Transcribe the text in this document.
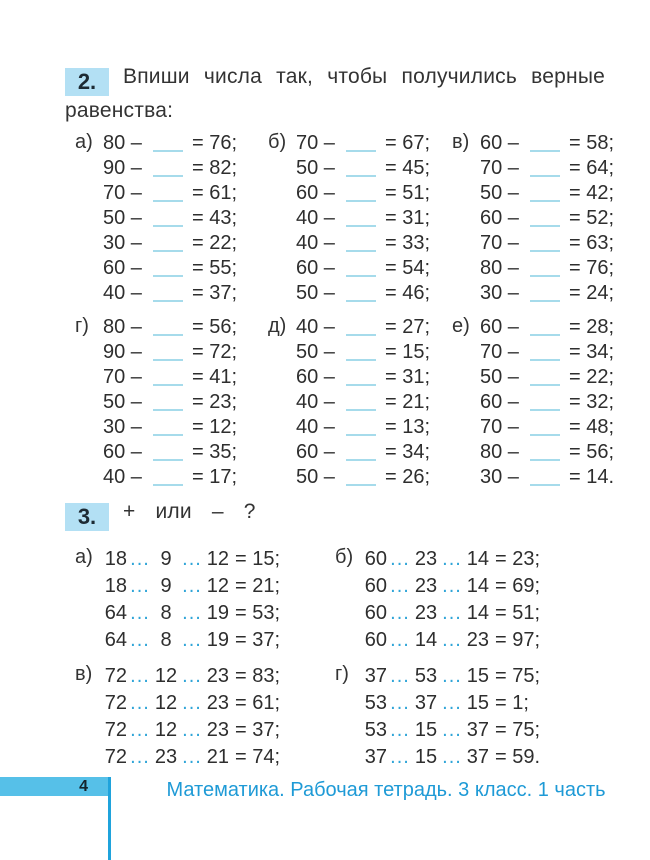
2. Впиши числа так, чтобы получились верные равенства:
а) 80 –	= 76;
90 –	= 82;
70 –	= 61;
50 –	= 43;
30 –	= 22;
60 –	= 55;
40 –	= 37;
б) 70 –	= 67;
50 –	= 45;
60 –	= 51;
40 –	= 31;
40 –	= 33;
60 –	= 54;
50 –	= 46;
в) 60 –	= 58;
70 –	= 64;
50 –	= 42;
60 –	= 52;
70 –	= 63;
80 –	= 76;
30 –	= 24;
г) 80 –	= 56;
90 –	= 72;
70 –	= 41;
50 –	= 23;
30 –	= 12;
60 –	= 35;
40 –	= 17;
д) 40 –	= 27;
50 –	= 15;
60 –	= 31;
40 –	= 21;
40 –	= 13;
60 –	= 34;
50 –	= 26;
е) 60 –	= 28;
70 –	= 34;
50 –	= 22;
60 –	= 32;
70 –	= 48;
80 –	= 56;
30 –	= 14.
3. + или – ?
а) 18 ... 9 ... 12 = 15;
18 ... 9 ... 12 = 21;
64 ... 8 ... 19 = 53;
64 ... 8 ... 19 = 37;
б) 60 ... 23 ... 14 = 23;
60 ... 23 ... 14 = 69;
60 ... 23 ... 14 = 51;
60 ... 14 ... 23 = 97;
в) 72 ... 12 ... 23 = 83;
72 ... 12 ... 23 = 61;
72 ... 12 ... 23 = 37;
72 ... 23 ... 21 = 74;
г) 37 ... 53 ... 15 = 75;
53 ... 37 ... 15 = 1;
53 ... 15 ... 37 = 75;
37 ... 15 ... 37 = 59.
4	Математика. Рабочая тетрадь. 3 класс. 1 часть
